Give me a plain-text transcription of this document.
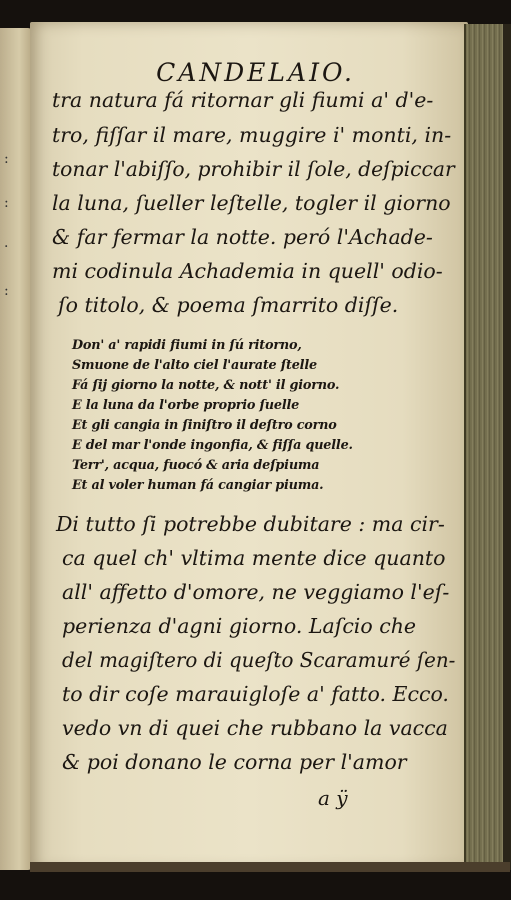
:

:

·

:
CANDELAIO.
tra natura fá ritornar gli fiumi a' d'e-
tro, fiſſar il mare, muggire i' monti, in-
tonar l'abiſſo, prohibir il ſole, deſpiccar
la luna, ſueller leſtelle, togler il giorno
& far fermar la notte. peró l'Achade-
mi codinula Achademia in quell' odio-
ſo titolo, & poema ſmarrito diſſe.
Don' a' rapidi fiumi in ſú ritorno,
Smuone de l'alto ciel l'aurate ſtelle
Fá ſij giorno la notte, & nott' il giorno.
E la luna da l'orbe proprio ſuelle
Et gli cangia in ſiniſtro il deſtro corno
E del mar l'onde ingonfia, & fiſſa quelle.
Terr', acqua, fuocó & aria deſpiuma
Et al voler human fá cangiar piuma.
Di tutto ſi potrebbe dubitare : ma cir-
ca quel ch' vltima mente dice quanto
all' affetto d'omore, ne veggiamo l'eſ-
perienza d'agni giorno. Laſcio che
del magiſtero di queſto Scaramuré ſen-
to dir coſe marauigloſe a' fatto. Ecco.
vedo vn di quei che rubbano la vacca
& poi donano le corna per l'amor
a ÿ
